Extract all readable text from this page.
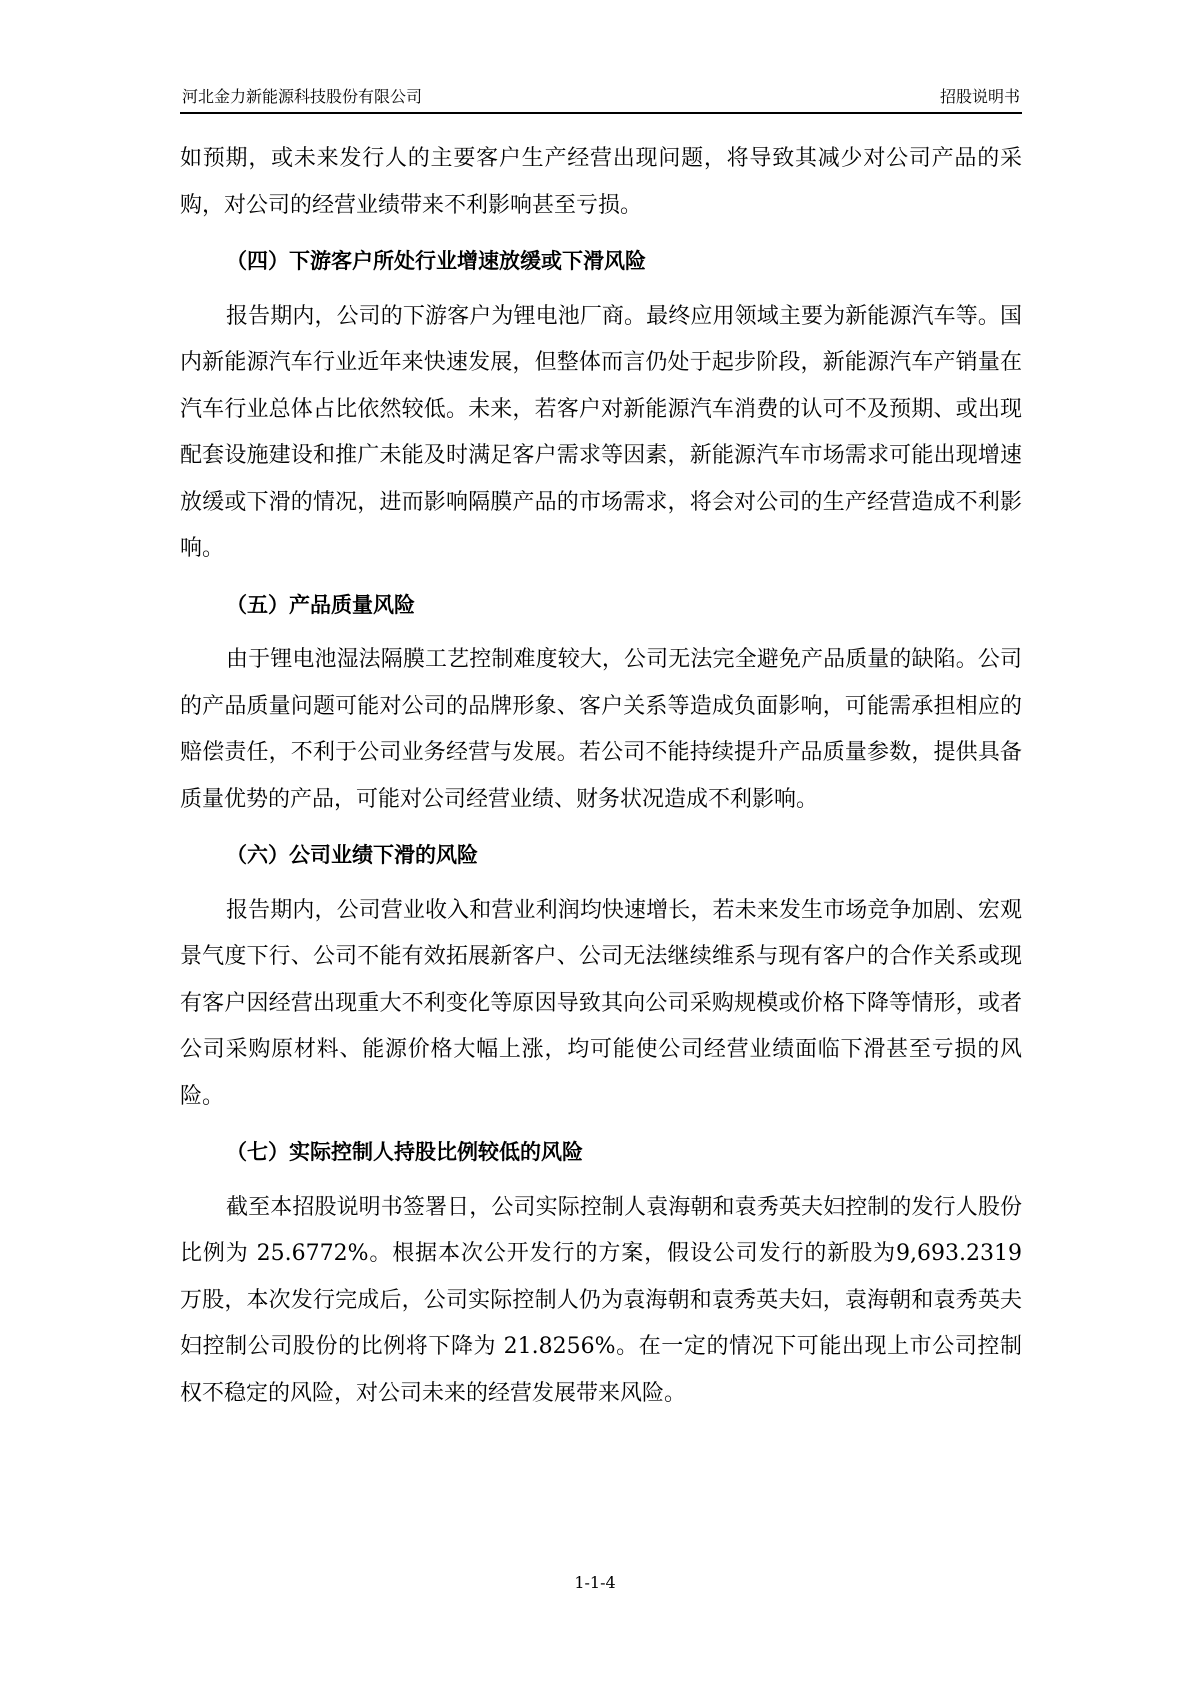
河北金力新能源科技股份有限公司	招股说明书

如预期，或未来发行人的主要客户生产经营出现问题，将导致其减少对公司产品的采购，对公司的经营业绩带来不利影响甚至亏损。

（四）下游客户所处行业增速放缓或下滑风险

报告期内，公司的下游客户为锂电池厂商。最终应用领域主要为新能源汽车等。国内新能源汽车行业近年来快速发展，但整体而言仍处于起步阶段，新能源汽车产销量在汽车行业总体占比依然较低。未来，若客户对新能源汽车消费的认可不及预期、或出现配套设施建设和推广未能及时满足客户需求等因素，新能源汽车市场需求可能出现增速放缓或下滑的情况，进而影响隔膜产品的市场需求，将会对公司的生产经营造成不利影响。

（五）产品质量风险

由于锂电池湿法隔膜工艺控制难度较大，公司无法完全避免产品质量的缺陷。公司的产品质量问题可能对公司的品牌形象、客户关系等造成负面影响，可能需承担相应的赔偿责任，不利于公司业务经营与发展。若公司不能持续提升产品质量参数，提供具备质量优势的产品，可能对公司经营业绩、财务状况造成不利影响。

（六）公司业绩下滑的风险

报告期内，公司营业收入和营业利润均快速增长，若未来发生市场竞争加剧、宏观景气度下行、公司不能有效拓展新客户、公司无法继续维系与现有客户的合作关系或现有客户因经营出现重大不利变化等原因导致其向公司采购规模或价格下降等情形，或者公司采购原材料、能源价格大幅上涨，均可能使公司经营业绩面临下滑甚至亏损的风险。

（七）实际控制人持股比例较低的风险

截至本招股说明书签署日，公司实际控制人袁海朝和袁秀英夫妇控制的发行人股份比例为 25.6772%。根据本次公开发行的方案，假设公司发行的新股为9,693.2319 万股，本次发行完成后，公司实际控制人仍为袁海朝和袁秀英夫妇，袁海朝和袁秀英夫妇控制公司股份的比例将下降为 21.8256%。在一定的情况下可能出现上市公司控制权不稳定的风险，对公司未来的经营发展带来风险。

1-1-4
